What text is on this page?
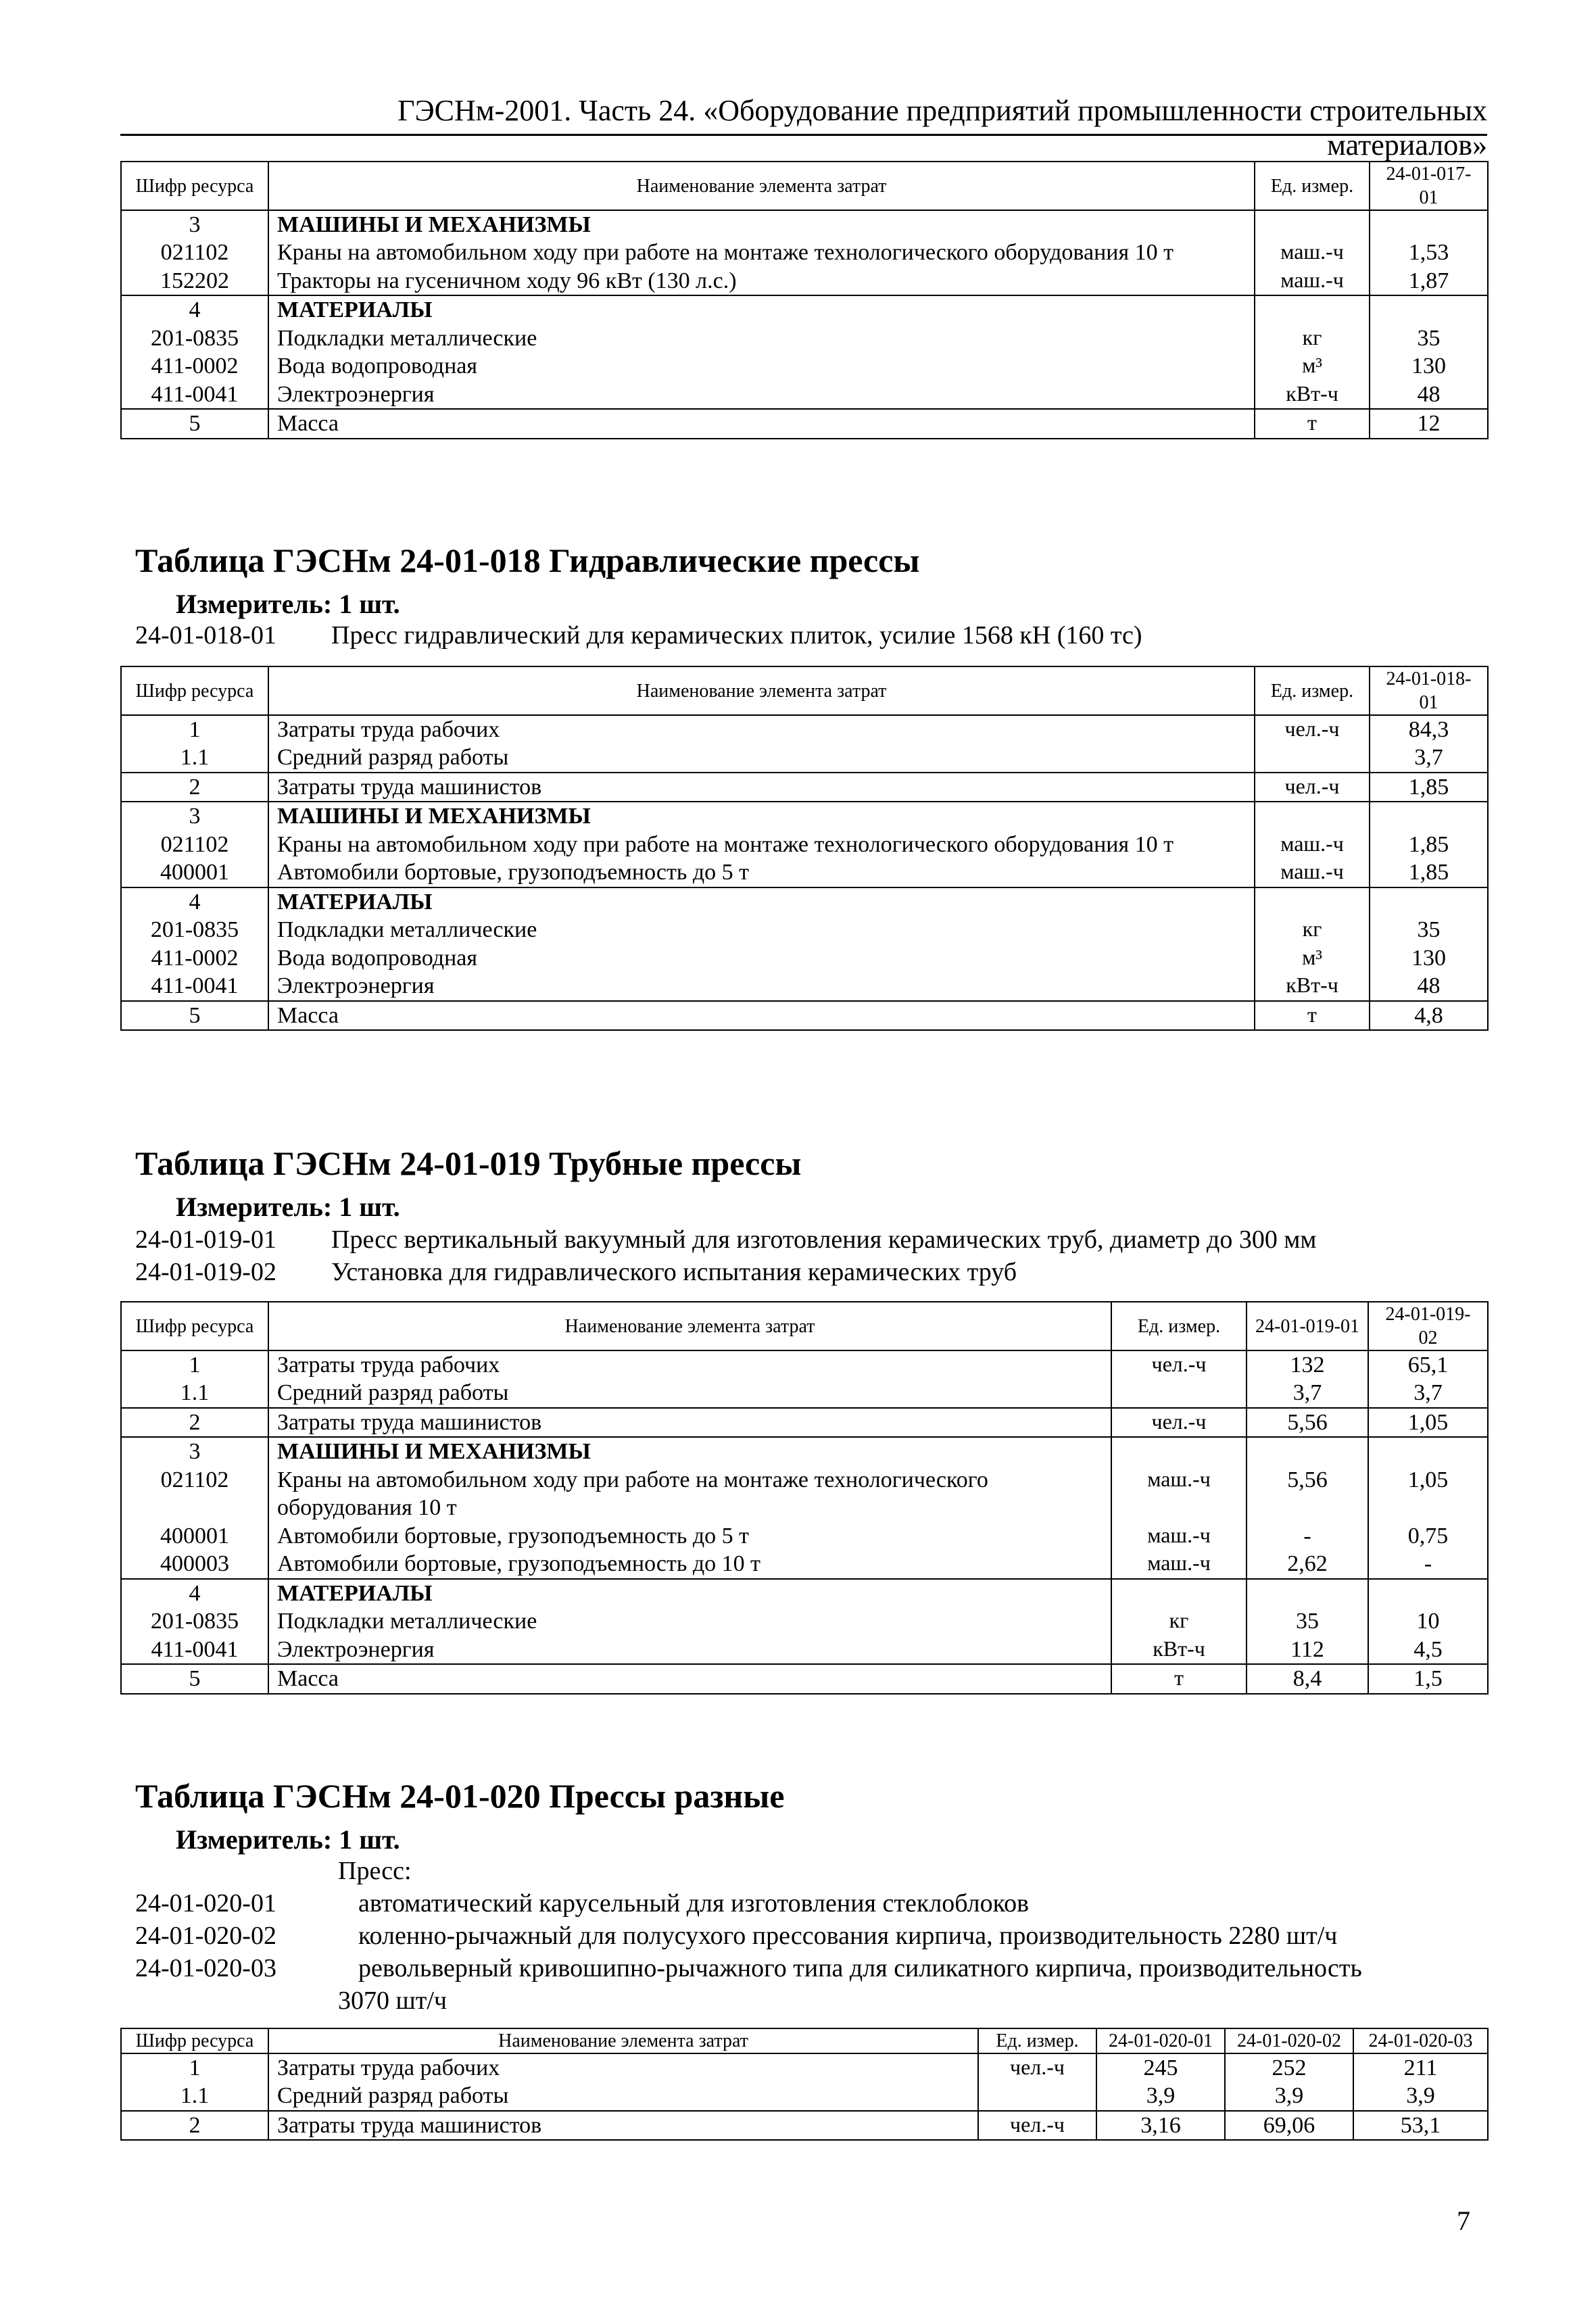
ГЭСНм-2001. Часть 24. «Оборудование предприятий промышленности строительных материалов»
Шифр ресурса	Наименование элемента затрат	Ед. измер.	24-01-017-01
3	МАШИНЫ И МЕХАНИЗМЫ		
021102	Краны на автомобильном ходу при работе на монтаже технологического оборудования 10 т	маш.-ч	1,53
152202	Тракторы на гусеничном ходу 96 кВт (130 л.с.)	маш.-ч	1,87
4	МАТЕРИАЛЫ		
201-0835	Подкладки металлические	кг	35
411-0002	Вода водопроводная	м³	130
411-0041	Электроэнергия	кВт-ч	48
5	Масса	т	12
Таблица ГЭСНм 24-01-018 Гидравлические прессы
Измеритель: 1 шт.
24-01-018-01 Пресс гидравлический для керамических плиток, усилие 1568 кН (160 тс)
Шифр ресурса	Наименование элемента затрат	Ед. измер.	24-01-018-01
1	Затраты труда рабочих	чел.-ч	84,3
1.1	Средний разряд работы		3,7
2	Затраты труда машинистов	чел.-ч	1,85
3	МАШИНЫ И МЕХАНИЗМЫ		
021102	Краны на автомобильном ходу при работе на монтаже технологического оборудования 10 т	маш.-ч	1,85
400001	Автомобили бортовые, грузоподъемность до 5 т	маш.-ч	1,85
4	МАТЕРИАЛЫ		
201-0835	Подкладки металлические	кг	35
411-0002	Вода водопроводная	м³	130
411-0041	Электроэнергия	кВт-ч	48
5	Масса	т	4,8
Таблица ГЭСНм 24-01-019 Трубные прессы
Измеритель: 1 шт.
24-01-019-01 Пресс вертикальный вакуумный для изготовления керамических труб, диаметр до 300 мм
24-01-019-02 Установка для гидравлического испытания керамических труб
Шифр ресурса	Наименование элемента затрат	Ед. измер.	24-01-019-01	24-01-019-02
1	Затраты труда рабочих	чел.-ч	132	65,1
1.1	Средний разряд работы		3,7	3,7
2	Затраты труда машинистов	чел.-ч	5,56	1,05
3	МАШИНЫ И МЕХАНИЗМЫ			
021102	Краны на автомобильном ходу при работе на монтаже технологического оборудования 10 т	маш.-ч	5,56	1,05
400001	Автомобили бортовые, грузоподъемность до 5 т	маш.-ч	-	0,75
400003	Автомобили бортовые, грузоподъемность до 10 т	маш.-ч	2,62	-
4	МАТЕРИАЛЫ			
201-0835	Подкладки металлические	кг	35	10
411-0041	Электроэнергия	кВт-ч	112	4,5
5	Масса	т	8,4	1,5
Таблица ГЭСНм 24-01-020 Прессы разные
Измеритель: 1 шт.
Пресс:
24-01-020-01	автоматический карусельный для изготовления стеклоблоков
24-01-020-02	коленно-рычажный для полусухого прессования кирпича, производительность 2280 шт/ч
24-01-020-03	револьверный кривошипно-рычажного типа для силикатного кирпича, производительность
3070 шт/ч
Шифр ресурса	Наименование элемента затрат	Ед. измер.	24-01-020-01	24-01-020-02	24-01-020-03
1	Затраты труда рабочих	чел.-ч	245	252	211
1.1	Средний разряд работы		3,9	3,9	3,9
2	Затраты труда машинистов	чел.-ч	3,16	69,06	53,1
7
